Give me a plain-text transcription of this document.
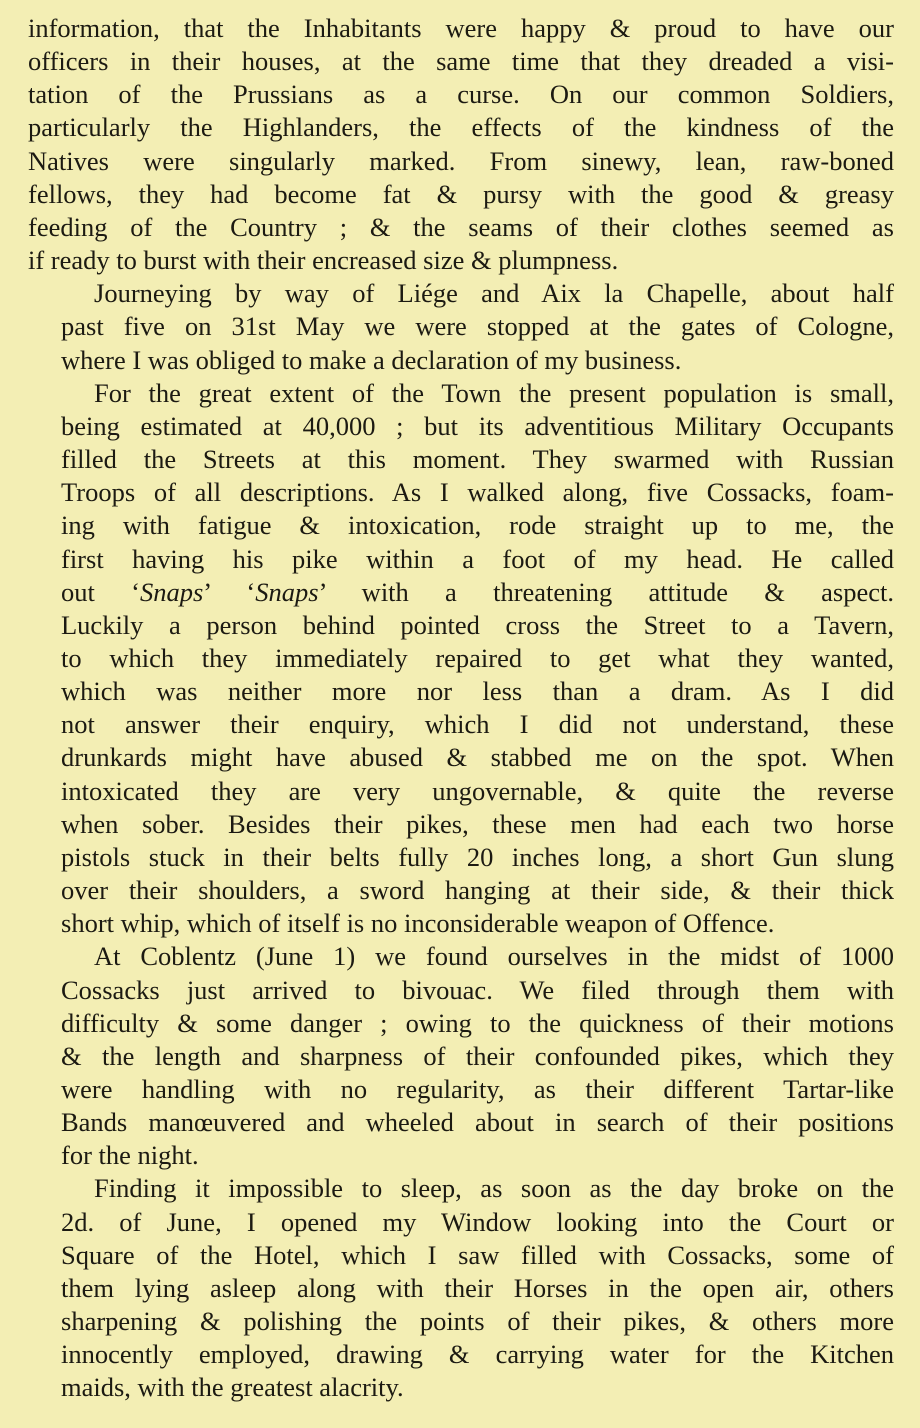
information, that the Inhabitants were happy & proud to have our
officers in their houses, at the same time that they dreaded a visi-
tation of the Prussians as a curse. On our common Soldiers,
particularly the Highlanders, the effects of the kindness of the
Natives were singularly marked. From sinewy, lean, raw-boned
fellows, they had become fat & pursy with the good & greasy
feeding of the Country ; & the seams of their clothes seemed as
if ready to burst with their encreased size & plumpness.
Journeying by way of Liége and Aix la Chapelle, about half
past five on 31st May we were stopped at the gates of Cologne,
where I was obliged to make a declaration of my business.
For the great extent of the Town the present population is small,
being estimated at 40,000 ; but its adventitious Military Occupants
filled the Streets at this moment. They swarmed with Russian
Troops of all descriptions. As I walked along, five Cossacks, foam-
ing with fatigue & intoxication, rode straight up to me, the
first having his pike within a foot of my head. He called
out ‘Snaps’ ‘Snaps’ with a threatening attitude & aspect.
Luckily a person behind pointed cross the Street to a Tavern,
to which they immediately repaired to get what they wanted,
which was neither more nor less than a dram. As I did
not answer their enquiry, which I did not understand, these
drunkards might have abused & stabbed me on the spot. When
intoxicated they are very ungovernable, & quite the reverse
when sober. Besides their pikes, these men had each two horse
pistols stuck in their belts fully 20 inches long, a short Gun slung
over their shoulders, a sword hanging at their side, & their thick
short whip, which of itself is no inconsiderable weapon of Offence.
At Coblentz (June 1) we found ourselves in the midst of 1000
Cossacks just arrived to bivouac. We filed through them with
difficulty & some danger ; owing to the quickness of their motions
& the length and sharpness of their confounded pikes, which they
were handling with no regularity, as their different Tartar-like
Bands manœuvered and wheeled about in search of their positions
for the night.
Finding it impossible to sleep, as soon as the day broke on the
2d. of June, I opened my Window looking into the Court or
Square of the Hotel, which I saw filled with Cossacks, some of
them lying asleep along with their Horses in the open air, others
sharpening & polishing the points of their pikes, & others more
innocently employed, drawing & carrying water for the Kitchen
maids, with the greatest alacrity.
